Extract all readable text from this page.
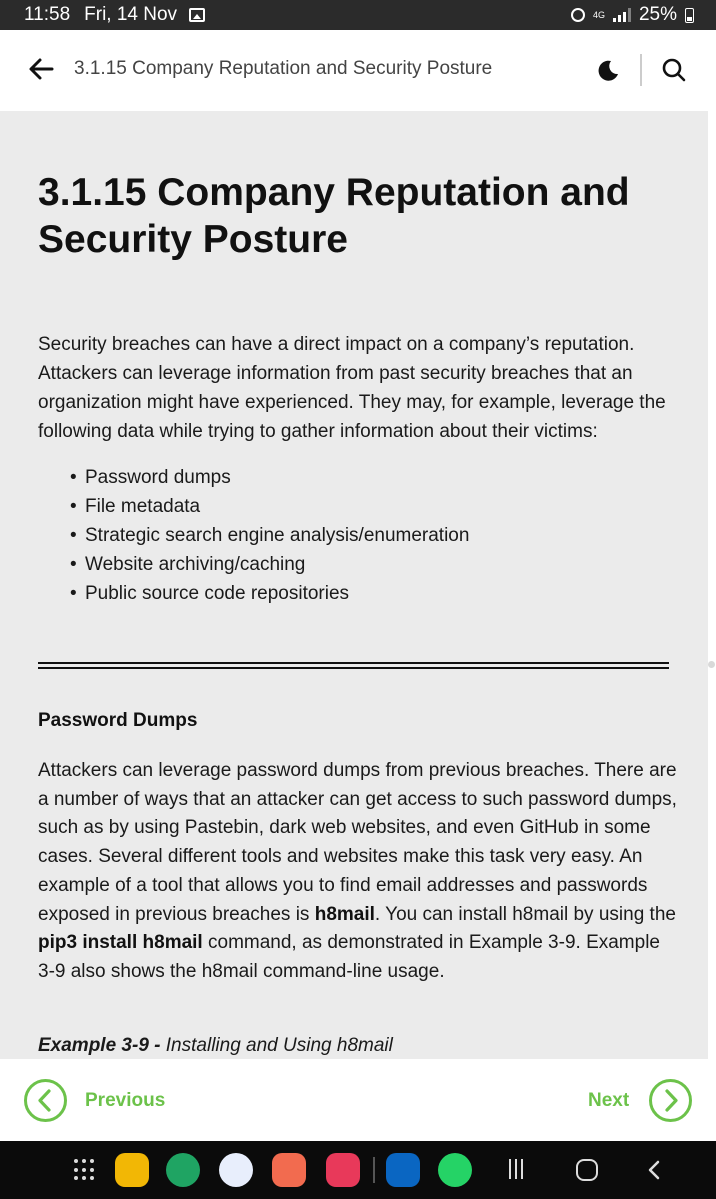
11:58 Fri, 14 Nov	4G 25%
3.1.15 Company Reputation and Security Posture
3.1.15 Company Reputation and Security Posture

Security breaches can have a direct impact on a company’s reputation. Attackers can leverage information from past security breaches that an organization might have experienced. They may, for example, leverage the following data while trying to gather information about their victims:

• Password dumps
• File metadata
• Strategic search engine analysis/enumeration
• Website archiving/caching
• Public source code repositories
Password Dumps

Attackers can leverage password dumps from previous breaches. There are a number of ways that an attacker can get access to such password dumps, such as by using Pastebin, dark web websites, and even GitHub in some cases. Several different tools and websites make this task very easy. An example of a tool that allows you to find email addresses and passwords exposed in previous breaches is h8mail. You can install h8mail by using the pip3 install h8mail command, as demonstrated in Example 3-9. Example 3-9 also shows the h8mail command-line usage.

Example 3-9 - Installing and Using h8mail
Previous	Next
